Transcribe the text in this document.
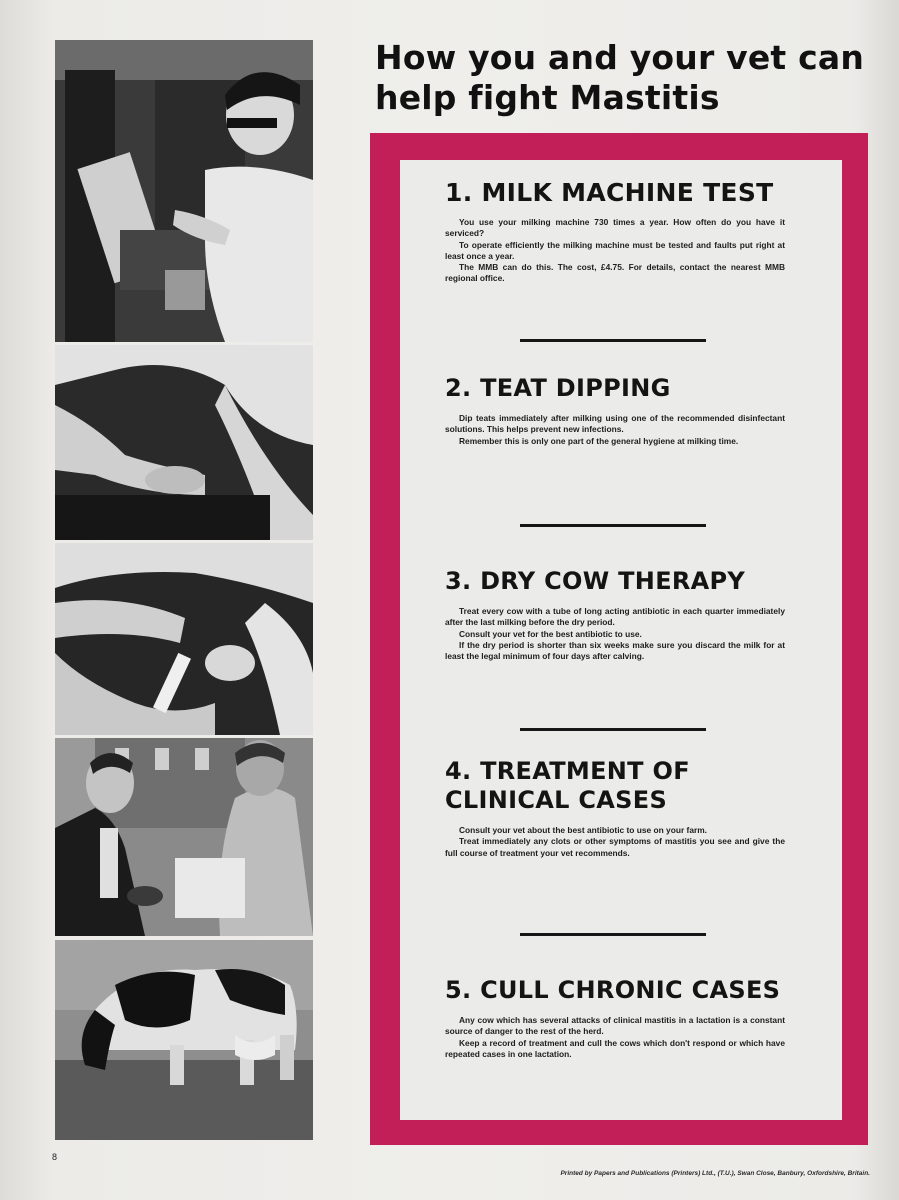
How you and your vet can help fight Mastitis
1. MILK MACHINE TEST

You use your milking machine 730 times a year. How often do you have it serviced?

To operate efficiently the milking machine must be tested and faults put right at least once a year.

The MMB can do this. The cost, £4.75. For details, contact the nearest MMB regional office.

2. TEAT DIPPING

Dip teats immediately after milking using one of the recommended disinfectant solutions. This helps prevent new infections.

Remember this is only one part of the general hygiene at milking time.

3. DRY COW THERAPY

Treat every cow with a tube of long acting antibiotic in each quarter immediately after the last milking before the dry period.

Consult your vet for the best antibiotic to use.

If the dry period is shorter than six weeks make sure you discard the milk for at least the legal minimum of four days after calving.

4. TREATMENT OF CLINICAL CASES

Consult your vet about the best antibiotic to use on your farm.

Treat immediately any clots or other symptoms of mastitis you see and give the full course of treatment your vet recommends.

5. CULL CHRONIC CASES

Any cow which has several attacks of clinical mastitis in a lactation is a constant source of danger to the rest of the herd.

Keep a record of treatment and cull the cows which don't respond or which have repeated cases in one lactation.

8
Printed by Papers and Publications (Printers) Ltd., (T.U.), Swan Close, Banbury, Oxfordshire, Britain.
